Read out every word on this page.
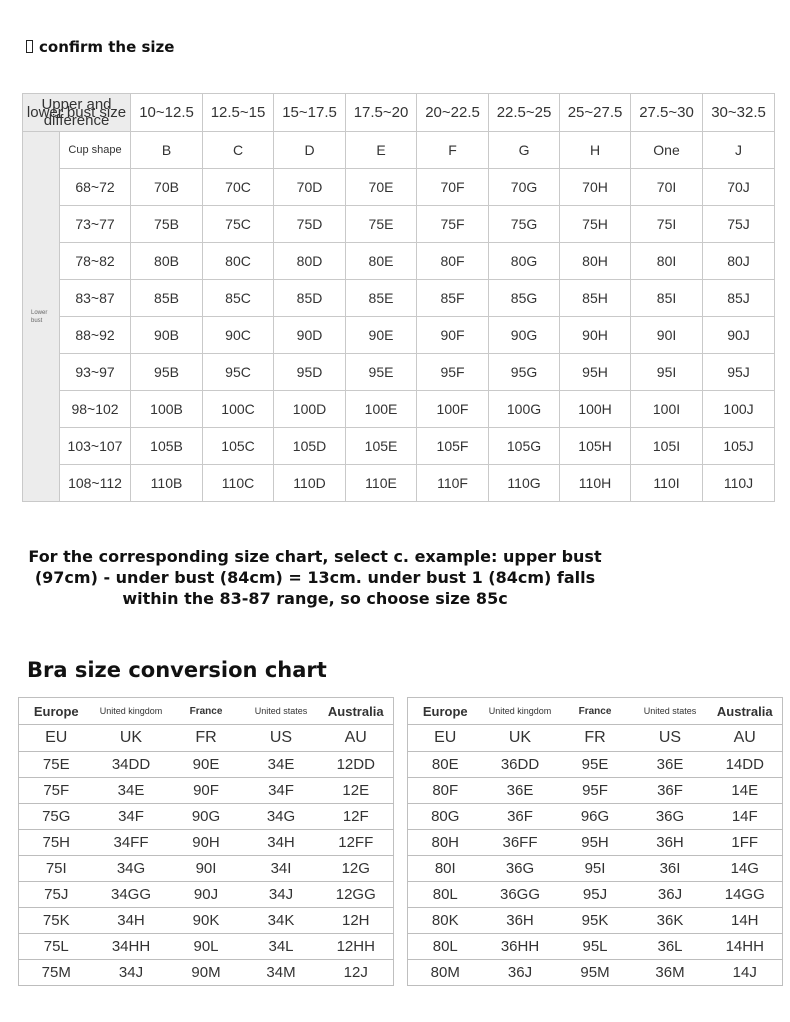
confirm the size
Upper and lower bust size difference		10~12.5	12.5~15	15~17.5	17.5~20	20~22.5	22.5~25	25~27.5	27.5~30	30~32.5
Lower bust	Cup shape	B	C	D	E	F	G	H	One	J
	68~72	70B	70C	70D	70E	70F	70G	70H	70I	70J
	73~77	75B	75C	75D	75E	75F	75G	75H	75I	75J
	78~82	80B	80C	80D	80E	80F	80G	80H	80I	80J
	83~87	85B	85C	85D	85E	85F	85G	85H	85I	85J
	88~92	90B	90C	90D	90E	90F	90G	90H	90I	90J
	93~97	95B	95C	95D	95E	95F	95G	95H	95I	95J
	98~102	100B	100C	100D	100E	100F	100G	100H	100I	100J
	103~107	105B	105C	105D	105E	105F	105G	105H	105I	105J
	108~112	110B	110C	110D	110E	110F	110G	110H	110I	110J
For the corresponding size chart, select c. example: upper bust
(97cm) - under bust (84cm) = 13cm. under bust 1 (84cm) falls
within the 83-87 range, so choose size 85c
Bra size conversion chart
Europe	United kingdom	France	United states	Australia
EU	UK	FR	US	AU
75E	34DD	90E	34E	12DD
75F	34E	90F	34F	12E
75G	34F	90G	34G	12F
75H	34FF	90H	34H	12FF
75I	34G	90I	34I	12G
75J	34GG	90J	34J	12GG
75K	34H	90K	34K	12H
75L	34HH	90L	34L	12HH
75M	34J	90M	34M	12J
Europe	United kingdom	France	United states	Australia
EU	UK	FR	US	AU
80E	36DD	95E	36E	14DD
80F	36E	95F	36F	14E
80G	36F	96G	36G	14F
80H	36FF	95H	36H	1FF
80I	36G	95I	36I	14G
80L	36GG	95J	36J	14GG
80K	36H	95K	36K	14H
80L	36HH	95L	36L	14HH
80M	36J	95M	36M	14J
